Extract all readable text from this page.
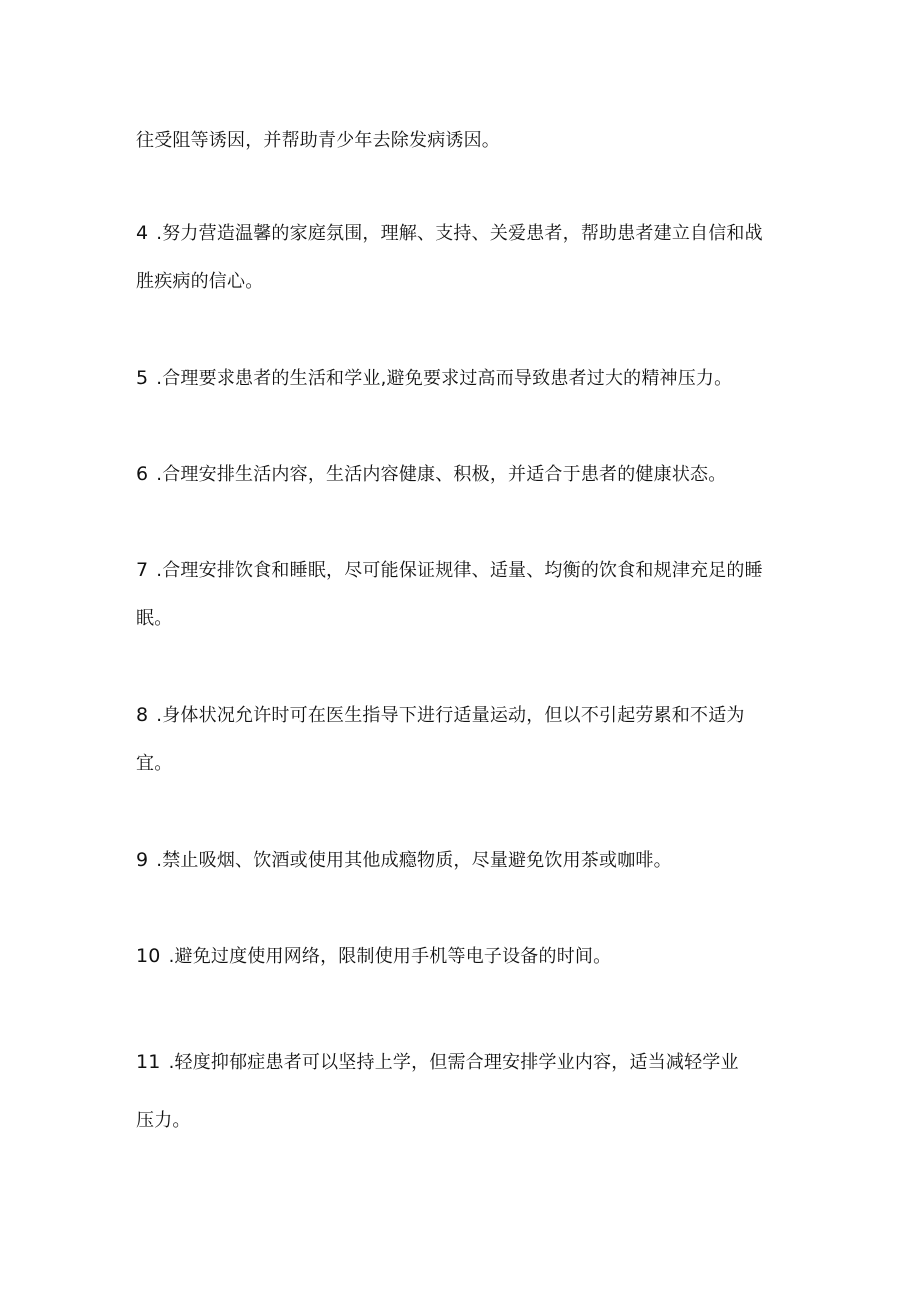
往受阻等诱因，并帮助青少年去除发病诱因。
4 .努力营造温馨的家庭氛围，理解、支持、关爱患者，帮助患者建立自信和战
胜疾病的信心。
5 .合理要求患者的生活和学业,避免要求过高而导致患者过大的精神压力。
6 .合理安排生活内容，生活内容健康、积极，并适合于患者的健康状态。
7 .合理安排饮食和睡眠，尽可能保证规律、适量、均衡的饮食和规津充足的睡
眠。
8 .身体状况允许时可在医生指导下进行适量运动，但以不引起劳累和不适为
宜。
9 .禁止吸烟、饮酒或使用其他成瘾物质，尽量避免饮用茶或咖啡。
10 .避免过度使用网络，限制使用手机等电子设备的时间。
11 .轻度抑郁症患者可以坚持上学，但需合理安排学业内容，适当减轻学业
压力。
